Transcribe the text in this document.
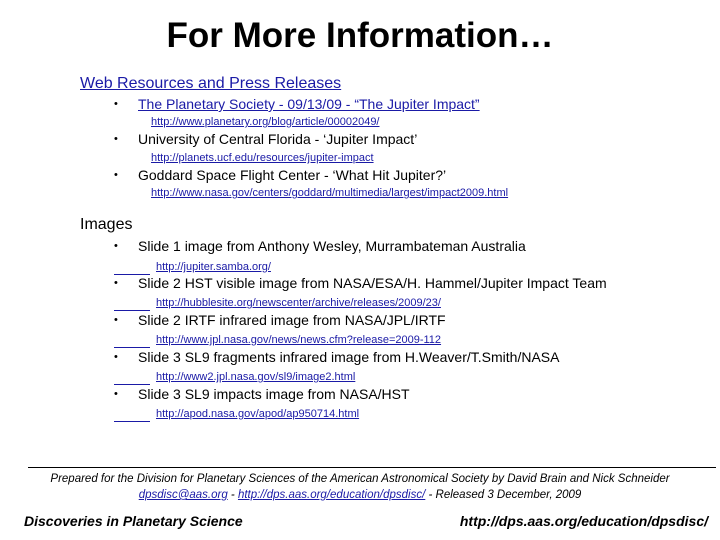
For More Information…
Web Resources and Press Releases
• The Planetary Society - 09/13/09 - “The Jupiter Impact”
http://www.planetary.org/blog/article/00002049/
• University of Central Florida - ‘Jupiter Impact’
http://planets.ucf.edu/resources/jupiter-impact
• Goddard Space Flight Center - ‘What Hit Jupiter?’
http://www.nasa.gov/centers/goddard/multimedia/largest/impact2009.html
Images
• Slide 1 image from Anthony Wesley, Murrambateman Australia
http://jupiter.samba.org/
• Slide 2 HST visible image from NASA/ESA/H. Hammel/Jupiter Impact Team
http://hubblesite.org/newscenter/archive/releases/2009/23/
• Slide 2 IRTF infrared image from NASA/JPL/IRTF
http://www.jpl.nasa.gov/news/news.cfm?release=2009-112
• Slide 3 SL9 fragments infrared image from H.Weaver/T.Smith/NASA
http://www2.jpl.nasa.gov/sl9/image2.html
• Slide 3 SL9 impacts image from NASA/HST
http://apod.nasa.gov/apod/ap950714.html
Prepared for the Division for Planetary Sciences of the American Astronomical Society by David Brain and Nick Schneider
dpsdisc@aas.org - http://dps.aas.org/education/dpsdisc/ - Released 3 December, 2009
Discoveries in Planetary Science	http://dps.aas.org/education/dpsdisc/
